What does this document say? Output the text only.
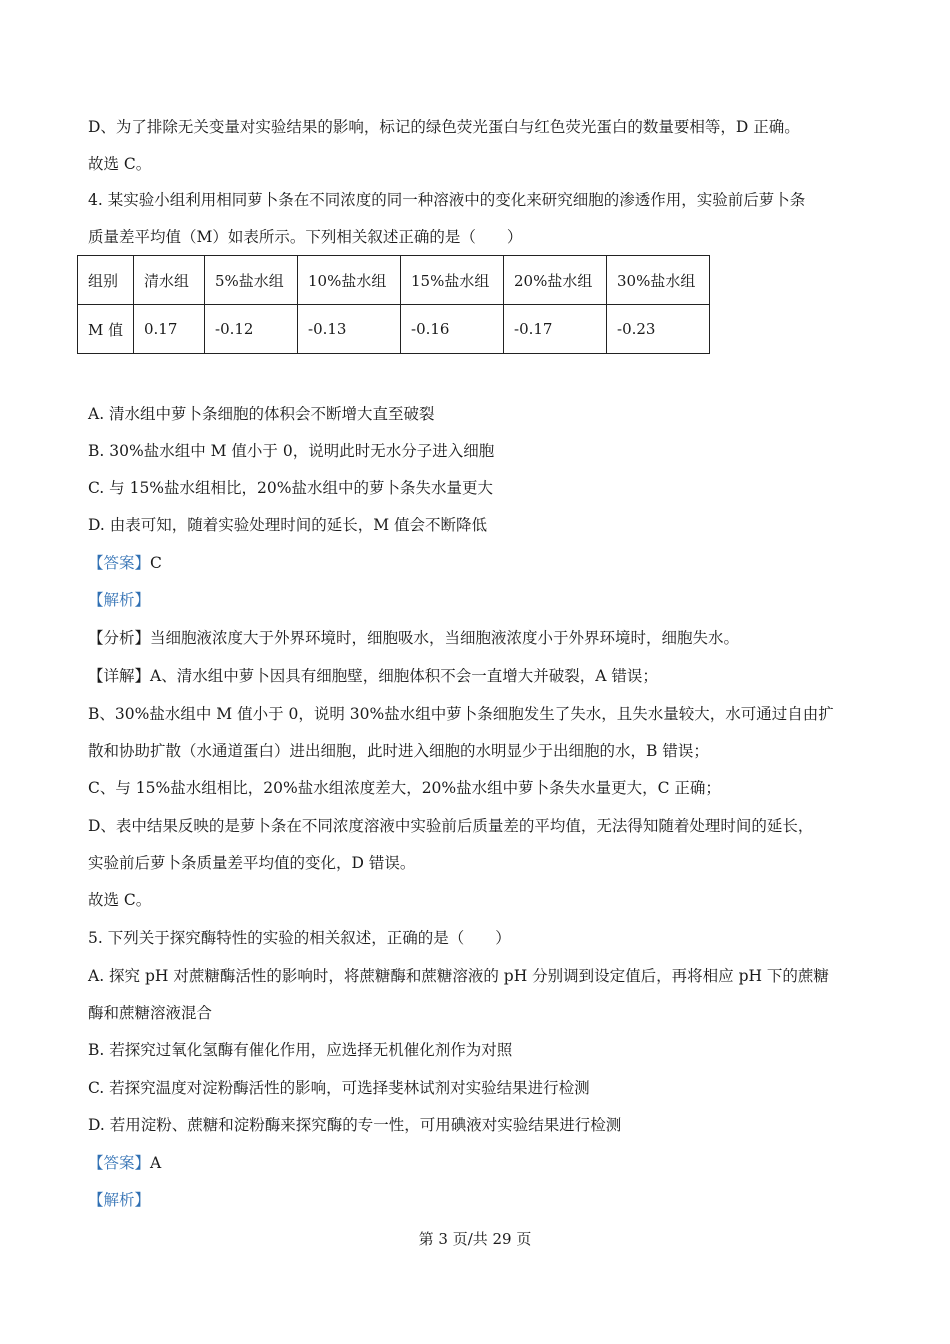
D、为了排除无关变量对实验结果的影响，标记的绿色荧光蛋白与红色荧光蛋白的数量要相等，D 正确。
故选 C。
4. 某实验小组利用相同萝卜条在不同浓度的同一种溶液中的变化来研究细胞的渗透作用，实验前后萝卜条
质量差平均值（M）如表所示。下列相关叙述正确的是（　　）
组别	清水组	5%盐水组	10%盐水组	15%盐水组	20%盐水组	30%盐水组
M 值	0.17	-0.12	-0.13	-0.16	-0.17	-0.23
A. 清水组中萝卜条细胞的体积会不断增大直至破裂
B. 30%盐水组中 M 值小于 0，说明此时无水分子进入细胞
C. 与 15%盐水组相比，20%盐水组中的萝卜条失水量更大
D. 由表可知，随着实验处理时间的延长，M 值会不断降低
【答案】C
【解析】
【分析】当细胞液浓度大于外界环境时，细胞吸水，当细胞液浓度小于外界环境时，细胞失水。
【详解】A、清水组中萝卜因具有细胞壁，细胞体积不会一直增大并破裂，A 错误；
B、30%盐水组中 M 值小于 0，说明 30%盐水组中萝卜条细胞发生了失水，且失水量较大，水可通过自由扩
散和协助扩散（水通道蛋白）进出细胞，此时进入细胞的水明显少于出细胞的水，B 错误；
C、与 15%盐水组相比，20%盐水组浓度差大，20%盐水组中萝卜条失水量更大，C 正确；
D、表中结果反映的是萝卜条在不同浓度溶液中实验前后质量差的平均值，无法得知随着处理时间的延长，
实验前后萝卜条质量差平均值的变化，D 错误。
故选 C。
5. 下列关于探究酶特性的实验的相关叙述，正确的是（　　）
A. 探究 pH 对蔗糖酶活性的影响时，将蔗糖酶和蔗糖溶液的 pH 分别调到设定值后，再将相应 pH 下的蔗糖
酶和蔗糖溶液混合
B. 若探究过氧化氢酶有催化作用，应选择无机催化剂作为对照
C. 若探究温度对淀粉酶活性的影响，可选择斐林试剂对实验结果进行检测
D. 若用淀粉、蔗糖和淀粉酶来探究酶的专一性，可用碘液对实验结果进行检测
【答案】A
【解析】
第 3 页/共 29 页
